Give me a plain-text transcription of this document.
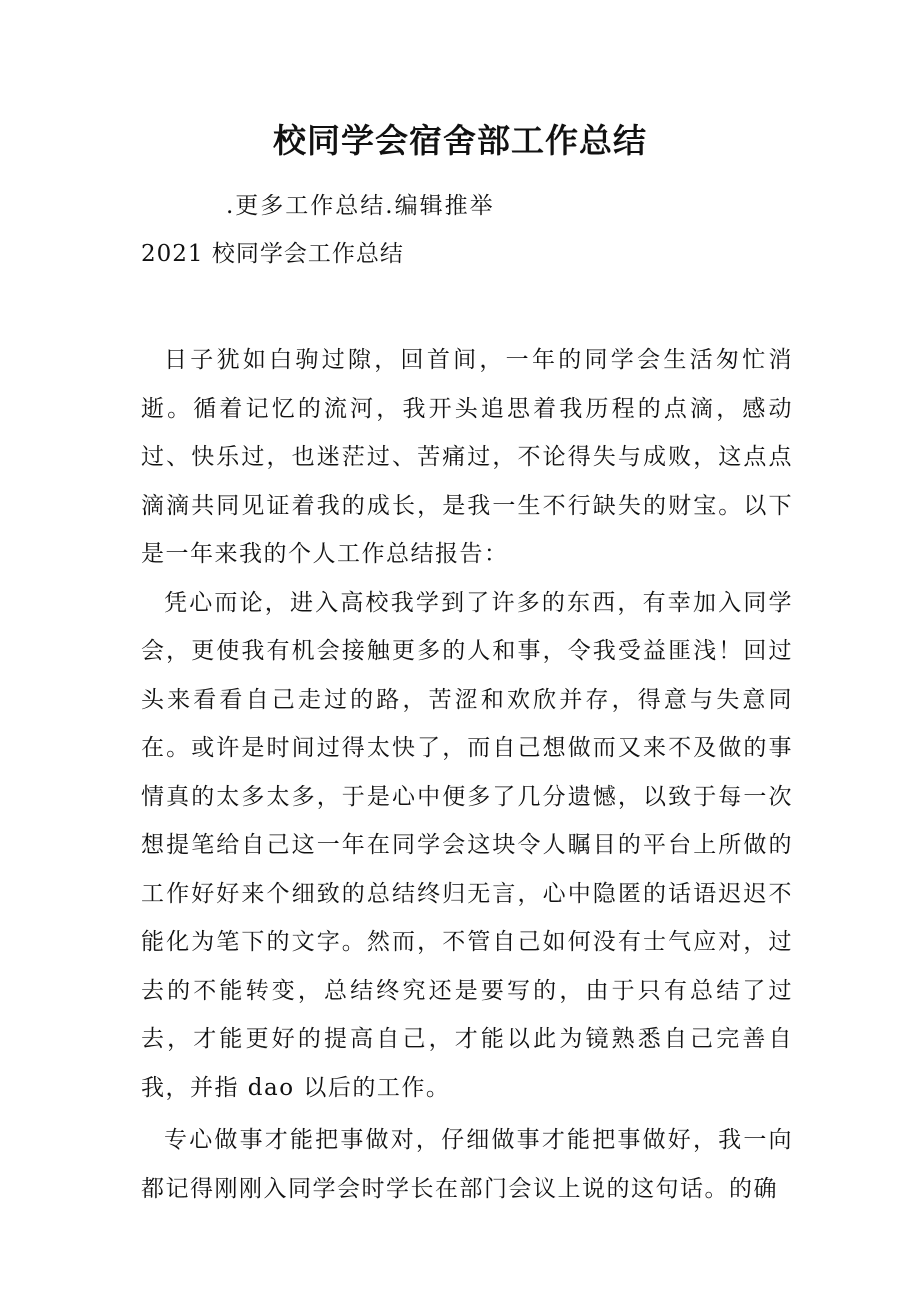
校同学会宿舍部工作总结
.更多工作总结.编辑推举
2021 校同学会工作总结

日子犹如白驹过隙，回首间，一年的同学会生活匆忙消逝。循着记忆的流河，我开头追思着我历程的点滴，感动过、快乐过，也迷茫过、苦痛过，不论得失与成败，这点点滴滴共同见证着我的成长，是我一生不行缺失的财宝。以下是一年来我的个人工作总结报告：

凭心而论，进入高校我学到了许多的东西，有幸加入同学会，更使我有机会接触更多的人和事，令我受益匪浅！回过头来看看自己走过的路，苦涩和欢欣并存，得意与失意同在。或许是时间过得太快了，而自己想做而又来不及做的事情真的太多太多，于是心中便多了几分遗憾，以致于每一次想提笔给自己这一年在同学会这块令人瞩目的平台上所做的工作好好来个细致的总结终归无言，心中隐匿的话语迟迟不能化为笔下的文字。然而，不管自己如何没有士气应对，过去的不能转变，总结终究还是要写的，由于只有总结了过去，才能更好的提高自己，才能以此为镜熟悉自己完善自我，并指 dao 以后的工作。

专心做事才能把事做对，仔细做事才能把事做好，我一向都记得刚刚入同学会时学长在部门会议上说的这句话。的确
